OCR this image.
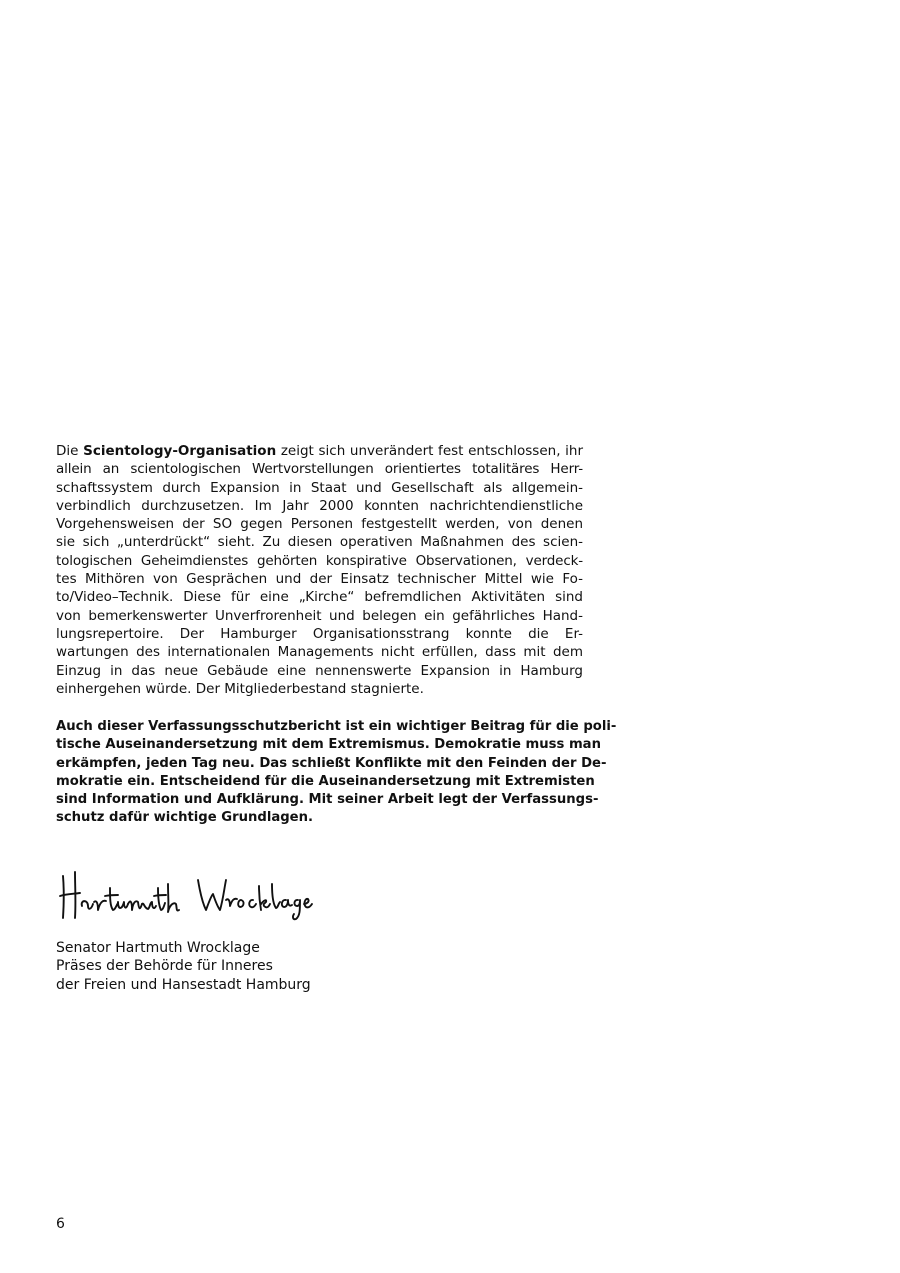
Die Scientology-Organisation zeigt sich unverändert fest entschlossen, ihr
allein an scientologischen Wertvorstellungen orientiertes totalitäres Herr-
schaftssystem durch Expansion in Staat und Gesellschaft als allgemein-
verbindlich durchzusetzen. Im Jahr 2000 konnten nachrichtendienstliche
Vorgehensweisen der SO gegen Personen festgestellt werden, von denen
sie sich „unterdrückt“ sieht. Zu diesen operativen Maßnahmen des scien-
tologischen Geheimdienstes gehörten konspirative Observationen, verdeck-
tes Mithören von Gesprächen und der Einsatz technischer Mittel wie Fo-
to/Video–Technik. Diese für eine „Kirche“ befremdlichen Aktivitäten sind
von bemerkenswerter Unverfrorenheit und belegen ein gefährliches Hand-
lungsrepertoire. Der Hamburger Organisationsstrang konnte die Er-
wartungen des internationalen Managements nicht erfüllen, dass mit dem
Einzug in das neue Gebäude eine nennenswerte Expansion in Hamburg
einhergehen würde. Der Mitgliederbestand stagnierte.
Auch dieser Verfassungsschutzbericht ist ein wichtiger Beitrag für die poli-
tische Auseinandersetzung mit dem Extremismus. Demokratie muss man
erkämpfen, jeden Tag neu. Das schließt Konflikte mit den Feinden der De-
mokratie ein. Entscheidend für die Auseinandersetzung mit Extremisten
sind Information und Aufklärung. Mit seiner Arbeit legt der Verfassungs-
schutz dafür wichtige Grundlagen.
Senator Hartmuth Wrocklage
Präses der Behörde für Inneres
der Freien und Hansestadt Hamburg
6
